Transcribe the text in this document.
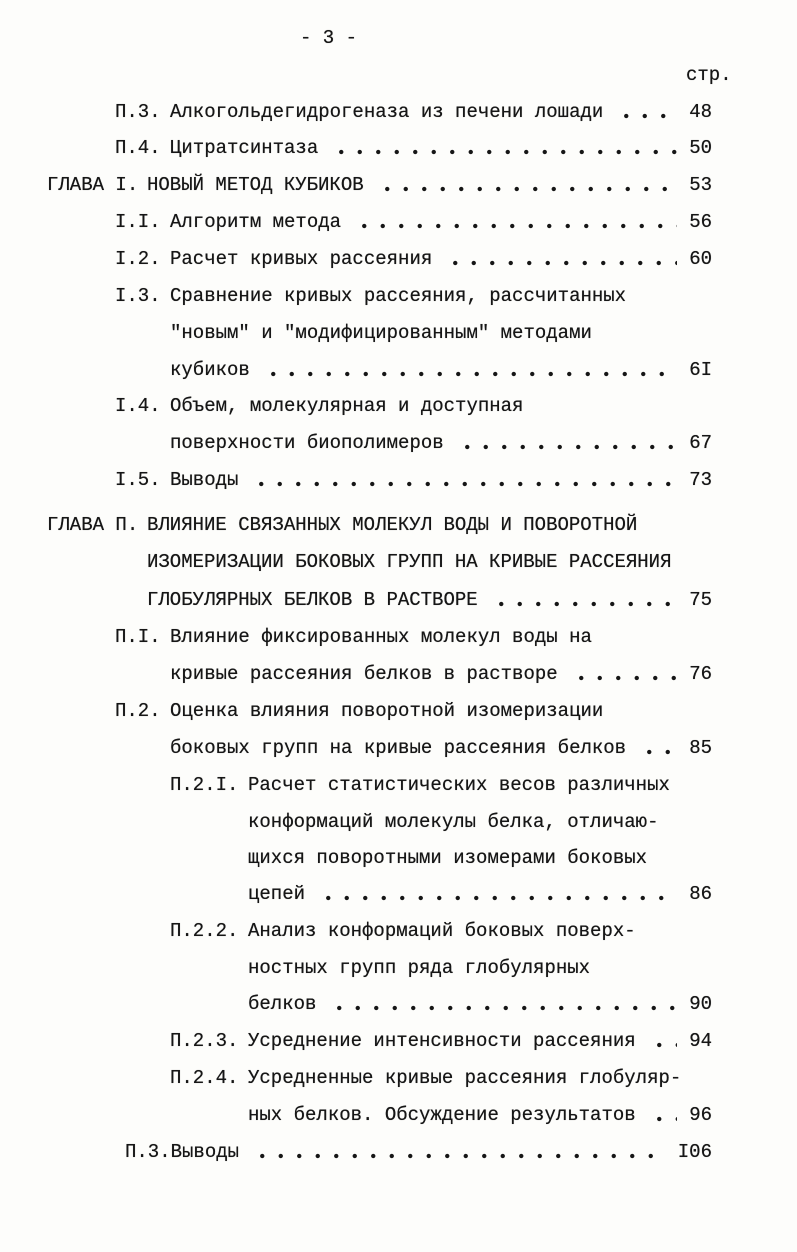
- 3 -
стр.
П.3. Алкогольдегидрогеназа из печени лошади	48
П.4. Цитратсинтаза	50
ГЛАВА I. НОВЫЙ МЕТОД КУБИКОВ	53
I.I. Алгоритм метода	56
I.2. Расчет кривых рассеяния	60
I.3. Сравнение кривых рассеяния, рассчитанных
"новым" и "модифицированным" методами
кубиков	6I
I.4. Объем, молекулярная и доступная
поверхности биополимеров	67
I.5. Выводы	73
ГЛАВА П. ВЛИЯНИЕ СВЯЗАННЫХ МОЛЕКУЛ ВОДЫ И ПОВОРОТНОЙ
ИЗОМЕРИЗАЦИИ БОКОВЫХ ГРУПП НА КРИВЫЕ РАССЕЯНИЯ
ГЛОБУЛЯРНЫХ БЕЛКОВ В РАСТВОРЕ	75
П.I. Влияние фиксированных молекул воды на
кривые рассеяния белков в растворе	76
П.2. Оценка влияния поворотной изомеризации
боковых групп на кривые рассеяния белков	85
П.2.I. Расчет статистических весов различных
конформаций молекулы белка, отличаю-
щихся поворотными изомерами боковых
цепей	86
П.2.2. Анализ конформаций боковых поверх-
ностных групп ряда глобулярных
белков	90
П.2.3. Усреднение интенсивности рассеяния	94
П.2.4. Усредненные кривые рассеяния глобуляр-
ных белков. Обсуждение результатов	96
П.3. Выводы	I06
